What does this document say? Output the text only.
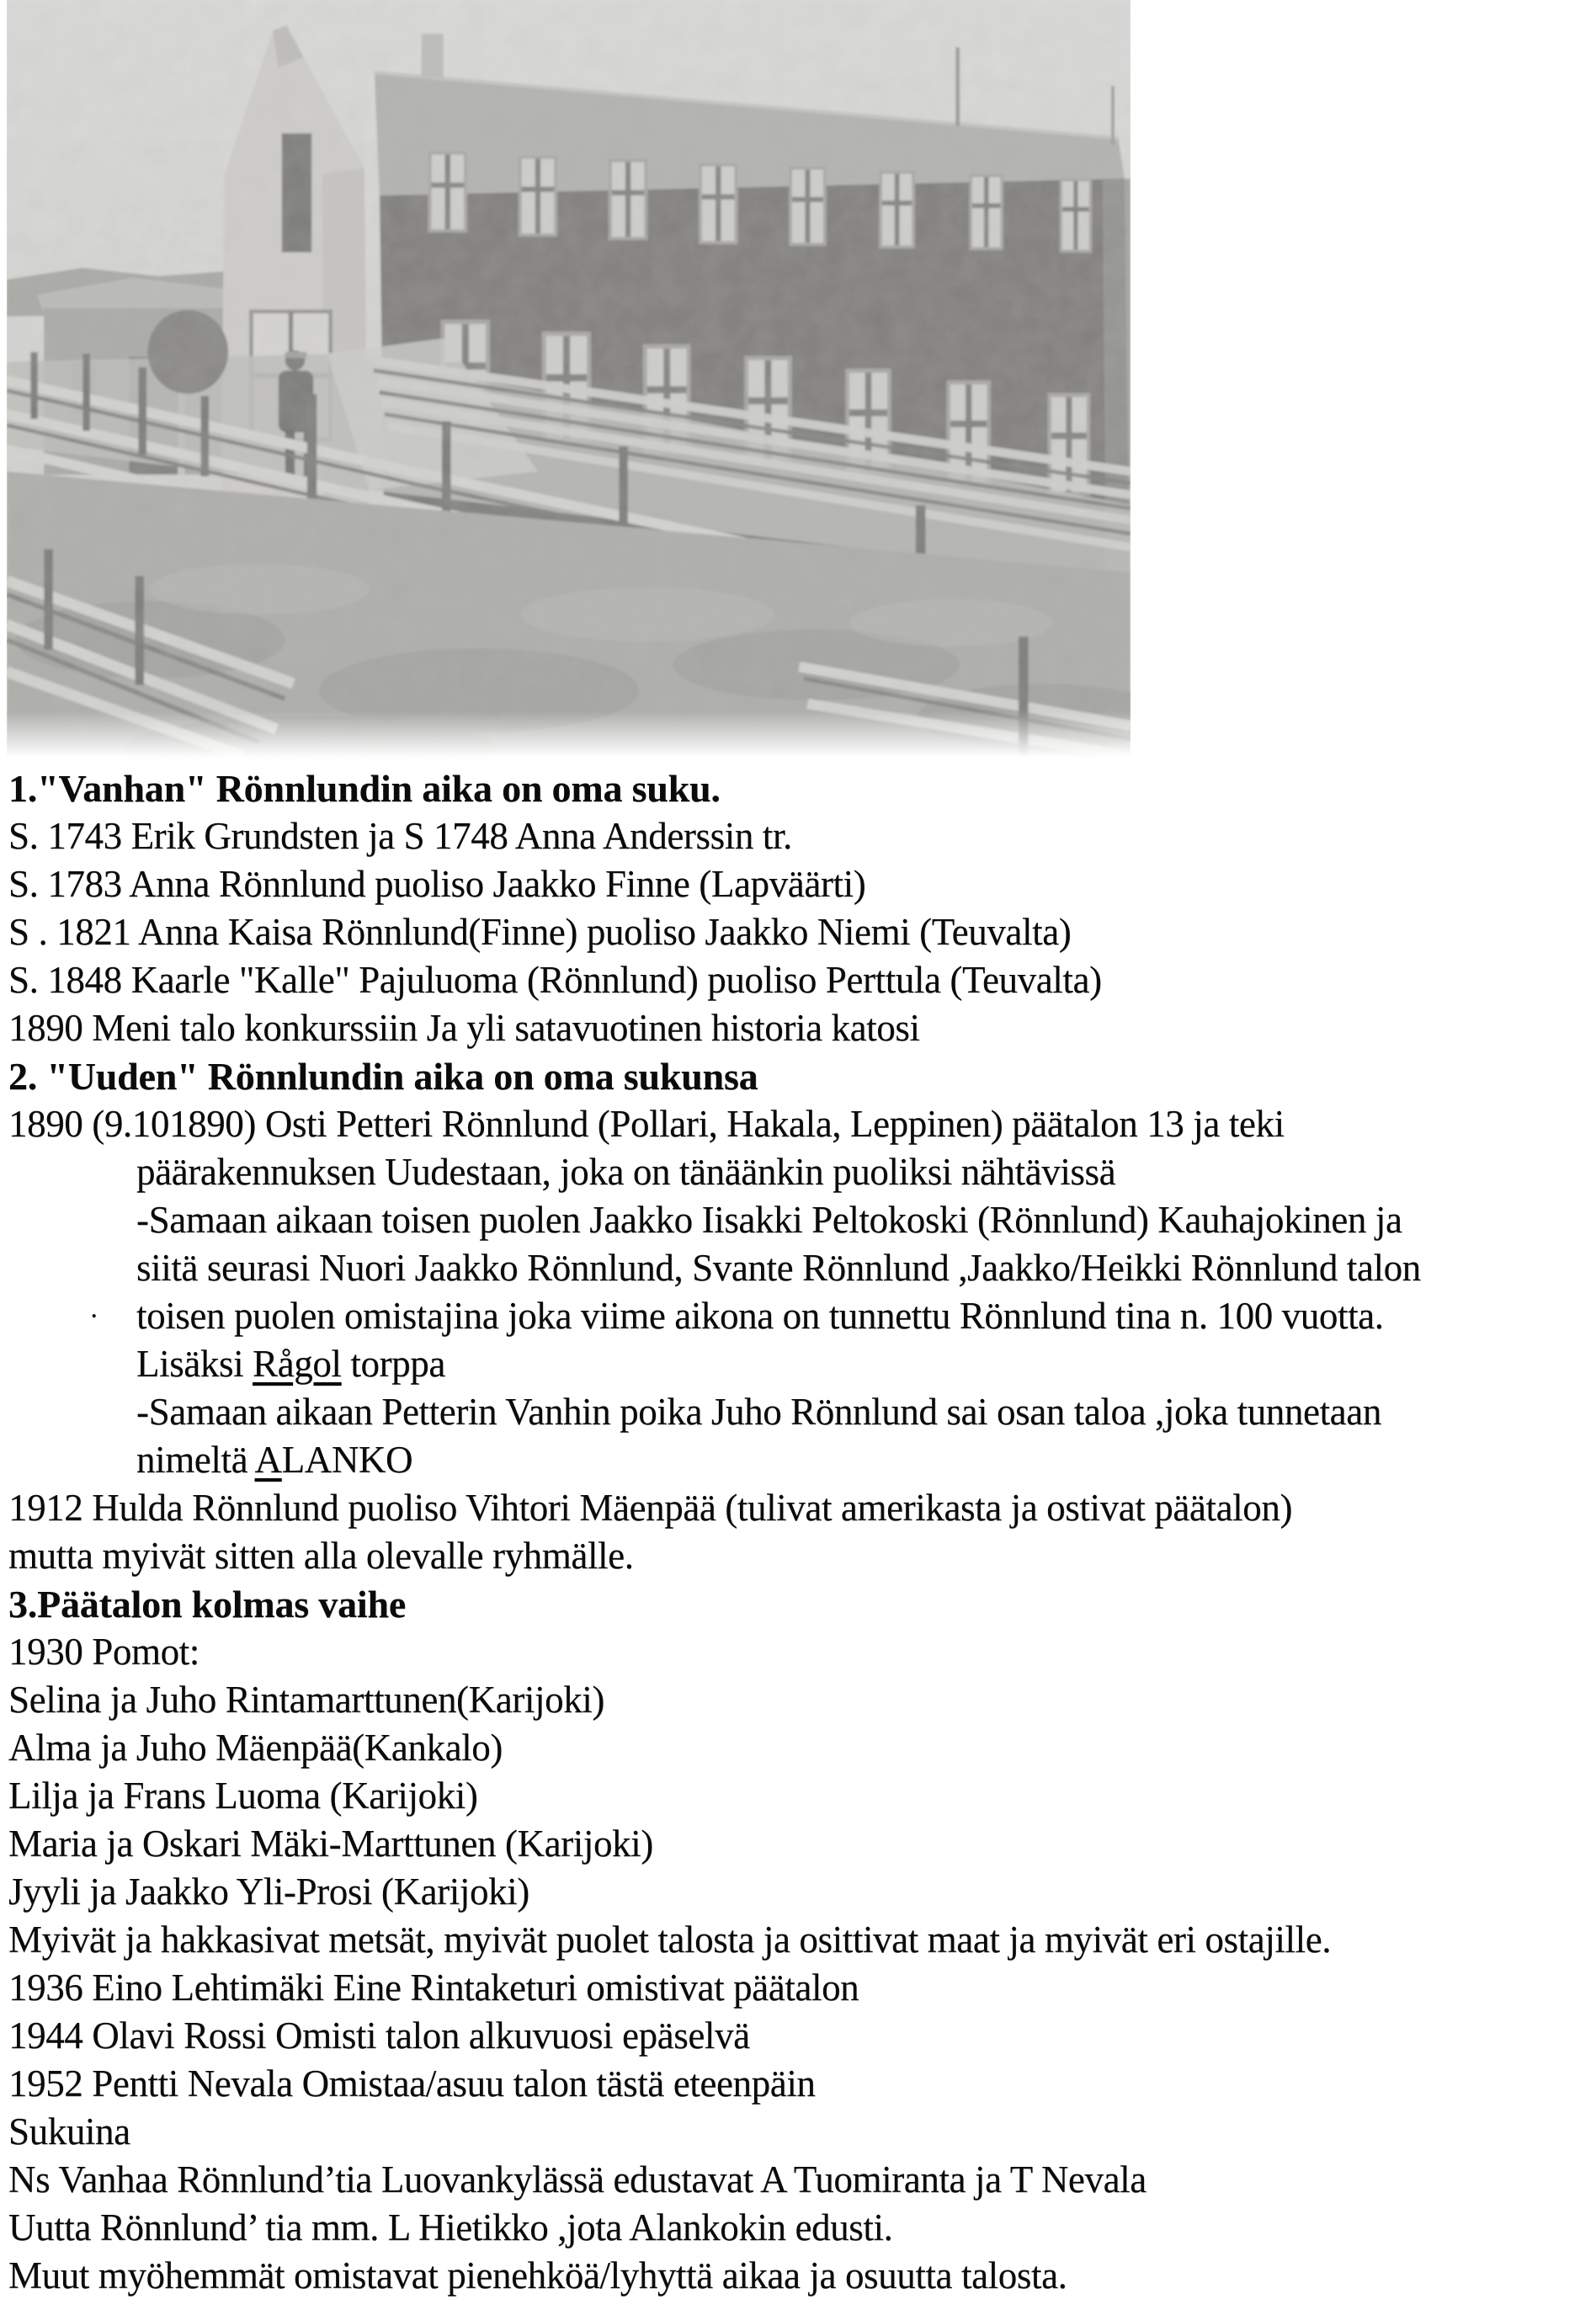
1."Vanhan" Rönnlundin aika on oma suku.
S. 1743 Erik Grundsten ja S 1748 Anna Anderssin tr.
S. 1783 Anna Rönnlund puoliso Jaakko Finne (Lapväärti)
S . 1821 Anna Kaisa Rönnlund(Finne) puoliso Jaakko Niemi (Teuvalta)
S. 1848 Kaarle "Kalle" Pajuluoma (Rönnlund) puoliso Perttula (Teuvalta)
1890 Meni talo konkurssiin Ja yli satavuotinen historia katosi
2. "Uuden" Rönnlundin aika on oma sukunsa
1890 (9.101890) Osti Petteri Rönnlund (Pollari, Hakala, Leppinen) päätalon 13 ja teki
päärakennuksen Uudestaan, joka on tänäänkin puoliksi nähtävissä
-Samaan aikaan toisen puolen Jaakko Iisakki Peltokoski (Rönnlund) Kauhajokinen ja
siitä seurasi Nuori Jaakko Rönnlund, Svante Rönnlund ,Jaakko/Heikki Rönnlund talon
· toisen puolen omistajina joka viime aikona on tunnettu Rönnlund tina n. 100 vuotta.
Lisäksi Rågol torppa
-Samaan aikaan Petterin Vanhin poika Juho Rönnlund sai osan taloa ,joka tunnetaan
nimeltä ALANKO
1912 Hulda Rönnlund puoliso Vihtori Mäenpää (tulivat amerikasta ja ostivat päätalon)
mutta myivät sitten alla olevalle ryhmälle.
3.Päätalon kolmas vaihe
1930 Pomot:
Selina ja Juho Rintamarttunen(Karijoki)
Alma ja Juho Mäenpää(Kankalo)
Lilja ja Frans Luoma (Karijoki)
Maria ja Oskari Mäki-Marttunen (Karijoki)
Jyyli ja Jaakko Yli-Prosi (Karijoki)
Myivät ja hakkasivat metsät, myivät puolet talosta ja osittivat maat ja myivät eri ostajille.
1936 Eino Lehtimäki Eine Rintaketuri omistivat päätalon
1944 Olavi Rossi Omisti talon alkuvuosi epäselvä
1952 Pentti Nevala Omistaa/asuu talon tästä eteenpäin
Sukuina
Ns Vanhaa Rönnlund’tia Luovankylässä edustavat A Tuomiranta ja T Nevala
Uutta Rönnlund’ tia mm. L Hietikko ,jota Alankokin edusti.
Muut myöhemmät omistavat pienehköä/lyhyttä aikaa ja osuutta talosta.
